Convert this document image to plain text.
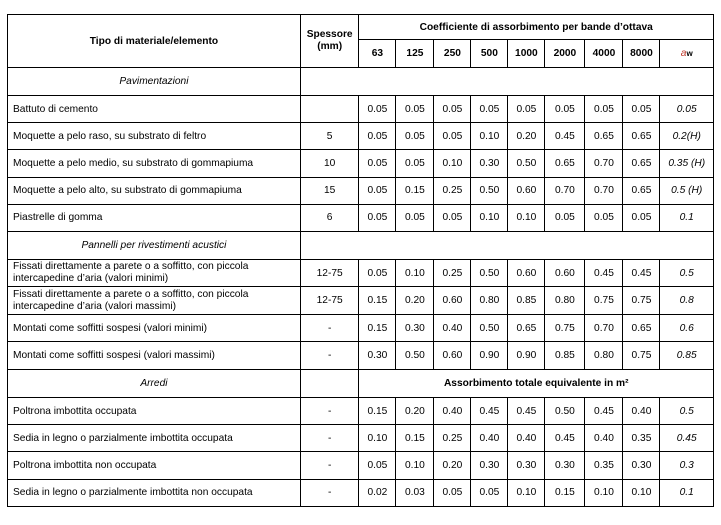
Tipo di materiale/elemento	Spessore (mm)	Coefficiente di assorbimento per bande d’ottava								
		63	125	250	500	1000	2000	4000	8000	aw
Pavimentazioni										
Battuto di cemento		0.05	0.05	0.05	0.05	0.05	0.05	0.05	0.05	0.05
Moquette a pelo raso, su substrato di feltro	5	0.05	0.05	0.05	0.10	0.20	0.45	0.65	0.65	0.2(H)
Moquette a pelo medio, su substrato di gommapiuma	10	0.05	0.05	0.10	0.30	0.50	0.65	0.70	0.65	0.35 (H)
Moquette a pelo alto, su substrato di gommapiuma	15	0.05	0.15	0.25	0.50	0.60	0.70	0.70	0.65	0.5 (H)
Piastrelle di gomma	6	0.05	0.05	0.05	0.10	0.10	0.05	0.05	0.05	0.1
Pannelli per rivestimenti acustici										
Fissati direttamente a parete o a soffitto, con piccola intercapedine d’aria (valori minimi)	12-75	0.05	0.10	0.25	0.50	0.60	0.60	0.45	0.45	0.5
Fissati direttamente a parete o a soffitto, con piccola intercapedine d’aria (valori massimi)	12-75	0.15	0.20	0.60	0.80	0.85	0.80	0.75	0.75	0.8
Montati come soffitti sospesi (valori minimi)	-	0.15	0.30	0.40	0.50	0.65	0.75	0.70	0.65	0.6
Montati come soffitti sospesi (valori massimi)	-	0.30	0.50	0.60	0.90	0.90	0.85	0.80	0.75	0.85
Arredi		Assorbimento totale equivalente in m²								
Poltrona imbottita occupata	-	0.15	0.20	0.40	0.45	0.45	0.50	0.45	0.40	0.5
Sedia in legno o parzialmente imbottita occupata	-	0.10	0.15	0.25	0.40	0.40	0.45	0.40	0.35	0.45
Poltrona imbottita non occupata	-	0.05	0.10	0.20	0.30	0.30	0.30	0.35	0.30	0.3
Sedia in legno o parzialmente imbottita non occupata	-	0.02	0.03	0.05	0.05	0.10	0.15	0.10	0.10	0.1
